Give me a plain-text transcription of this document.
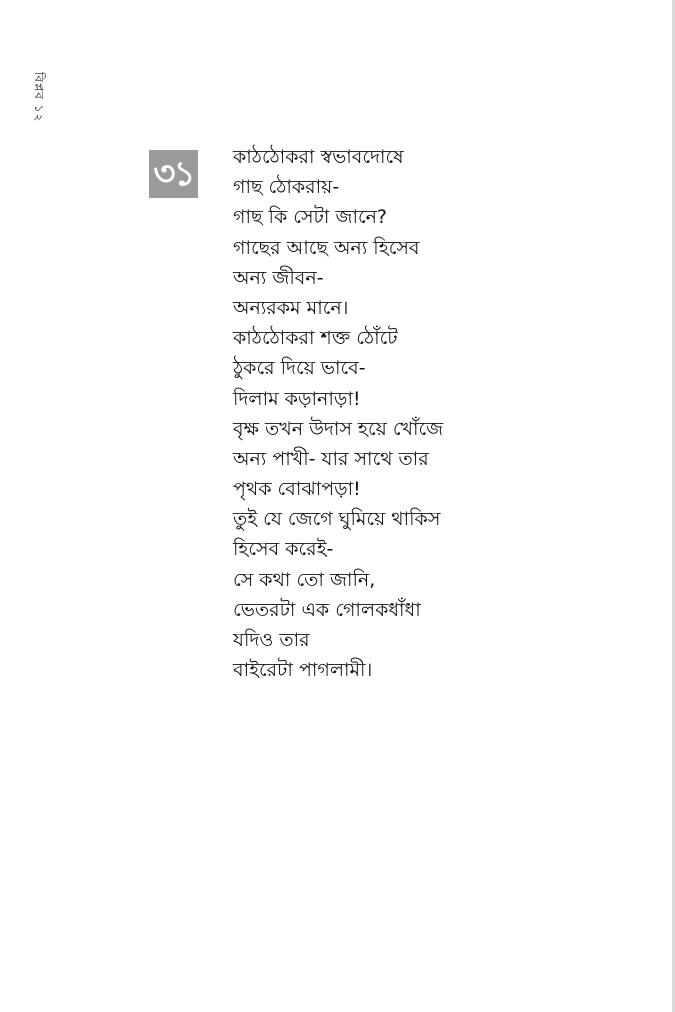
বিপ্লব ১২
৩১ কাঠঠোকরা স্বভাবদোষে
গাছ ঠোকরায়-
গাছ কি সেটা জানে?
গাছের আছে অন্য হিসেব
অন্য জীবন-
অন্যরকম মানে।
কাঠঠোকরা শক্ত ঠোঁটে
ঠুকরে দিয়ে ভাবে-
দিলাম কড়ানাড়া!
বৃক্ষ তখন উদাস হয়ে খোঁজে
অন্য পাখী- যার সাথে তার
পৃথক বোঝাপড়া!
তুই যে জেগে ঘুমিয়ে থাকিস
হিসেব করেই-
সে কথা তো জানি,
ভেতরটা এক গোলকধাঁধা
যদিও তার
বাইরেটা পাগলামী।
